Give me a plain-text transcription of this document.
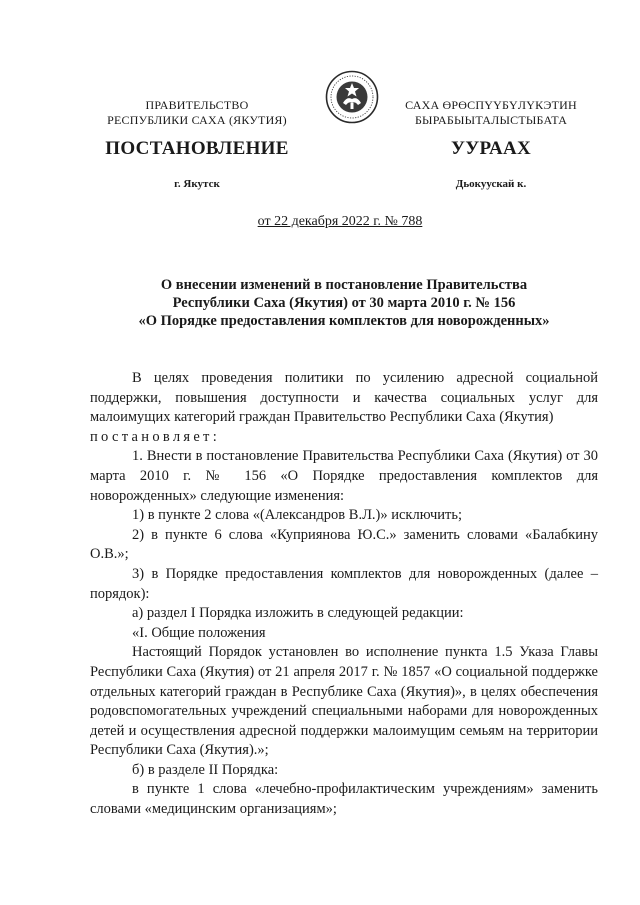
ПРАВИТЕЛЬСТВО
РЕСПУБЛИКИ САХА (ЯКУТИЯ)
САХА ӨРӨСПҮҮБҮЛҮКЭТИН
БЫРАБЫЫТАЛЫСТЫБАТА
ПОСТАНОВЛЕНИЕ	УУРААХ
г. Якутск	Дьокуускай к.
от 22 декабря 2022 г. № 788
О внесении изменений в постановление Правительства
Республики Саха (Якутия) от 30 марта 2010 г. № 156
«О Порядке предоставления комплектов для новорожденных»

В целях проведения политики по усилению адресной социальной поддержки, повышения доступности и качества социальных услуг для малоимущих категорий граждан Правительство Республики Саха (Якутия)

постановляет:

1. Внести в постановление Правительства Республики Саха (Якутия) от 30 марта 2010 г. № 156 «О Порядке предоставления комплектов для новорожденных» следующие изменения:

1) в пункте 2 слова «(Александров В.Л.)» исключить;

2) в пункте 6 слова «Куприянова Ю.С.» заменить словами «Балабкину О.В.»;

3) в Порядке предоставления комплектов для новорожденных (далее – порядок):

а) раздел I Порядка изложить в следующей редакции:

«I. Общие положения

Настоящий Порядок установлен во исполнение пункта 1.5 Указа Главы Республики Саха (Якутия) от 21 апреля 2017 г. № 1857 «О социальной поддержке отдельных категорий граждан в Республике Саха (Якутия)», в целях обеспечения родовспомогательных учреждений специальными наборами для новорожденных детей и осуществления адресной поддержки малоимущим семьям на территории Республики Саха (Якутия).»;

б) в разделе II Порядка:

в пункте 1 слова «лечебно-профилактическим учреждениям» заменить словами «медицинским организациям»;
